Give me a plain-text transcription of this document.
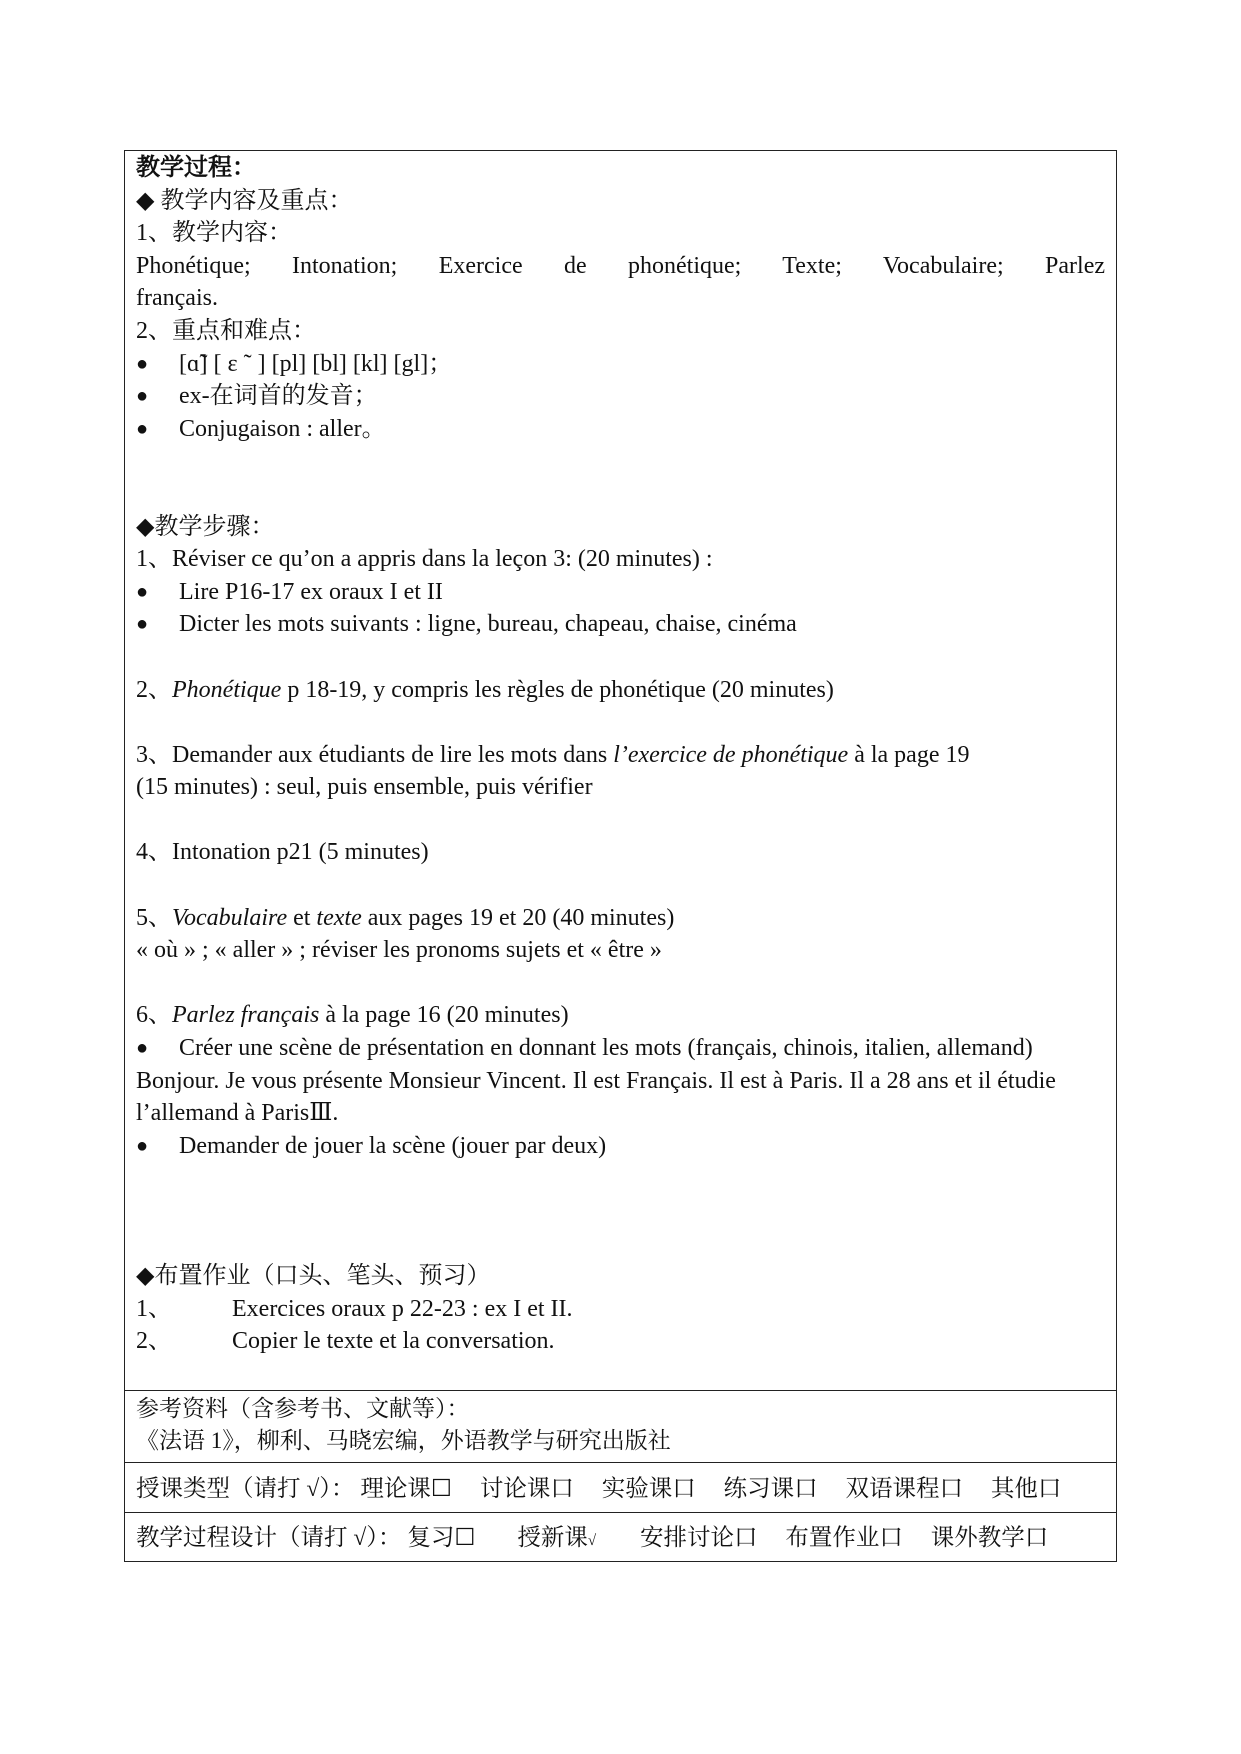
教学过程：
◆ 教学内容及重点：
1、教学内容：
Phonétique; Intonation; Exercice de phonétique; Texte; Vocabulaire; Parlez
français.
2、重点和难点：
● [ɑ̃] [ ɛ ˜ ] [pl] [bl] [kl] [gl]；
● ex-在词首的发音；
● Conjugaison : aller。
◆教学步骤：
1、Réviser ce qu’on a appris dans la leçon 3: (20 minutes) :
● Lire P16-17 ex oraux I et II
● Dicter les mots suivants : ligne, bureau, chapeau, chaise, cinéma
2、Phonétique p 18-19, y compris les règles de phonétique (20 minutes)
3、Demander aux étudiants de lire les mots dans l’exercice de phonétique à la page 19
(15 minutes) : seul, puis ensemble, puis vérifier
4、Intonation p21 (5 minutes)
5、Vocabulaire et texte aux pages 19 et 20 (40 minutes)
« où » ; « aller » ; réviser les pronoms sujets et « être »
6、Parlez français à la page 16 (20 minutes)
● Créer une scène de présentation en donnant les mots (français, chinois, italien, allemand)
Bonjour. Je vous présente Monsieur Vincent. Il est Français. Il est à Paris. Il a 28 ans et il étudie l’allemand à ParisⅢ.
● Demander de jouer la scène (jouer par deux)
◆布置作业（口头、笔头、预习）
1、	Exercices oraux p 22-23 : ex I et II.
2、	Copier le texte et la conversation.
参考资料（含参考书、文献等）：
《法语 1》，柳利、马晓宏编，外语教学与研究出版社
授课类型（请打 √）： 理论课☐ 讨论课口 实验课口 练习课口 双语课程口 其他口
教学过程设计（请打 √）： 复习☐ 授新课√ 安排讨论口 布置作业口 课外教学口
